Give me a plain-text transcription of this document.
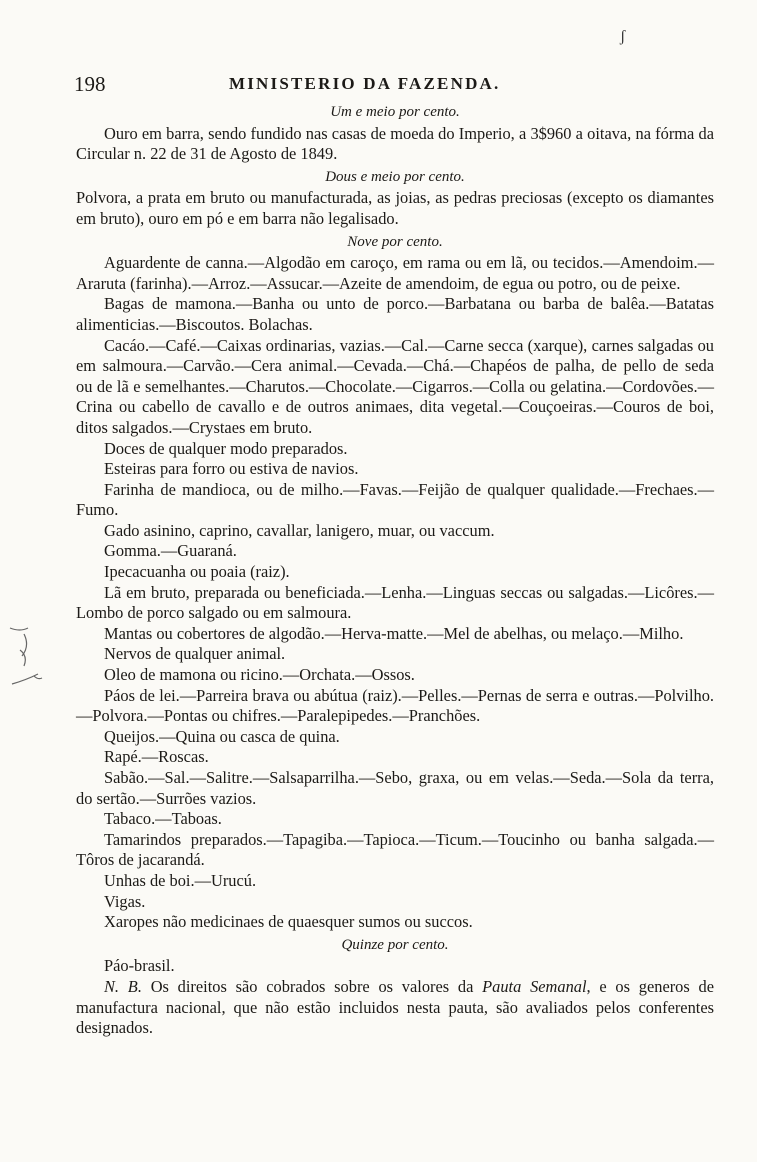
ʃ
198	MINISTERIO DA FAZENDA.
Um e meio por cento.

Ouro em barra, sendo fundido nas casas de moeda do Imperio, a 3$960 a oitava, na fórma da Circular n. 22 de 31 de Agosto de 1849.

Dous e meio por cento.

Polvora, a prata em bruto ou manufacturada, as joias, as pedras preciosas (excepto os diamantes em bruto), ouro em pó e em barra não legalisado.

Nove por cento.

Aguardente de canna.—Algodão em caroço, em rama ou em lã, ou tecidos.—Amendoim.—Araruta (farinha).—Arroz.—Assucar.—Azeite de amendoim, de egua ou potro, ou de peixe.

Bagas de mamona.—Banha ou unto de porco.—Barbatana ou barba de balêa.—Batatas alimenticias.—Biscoutos. Bolachas.

Cacáo.—Café.—Caixas ordinarias, vazias.—Cal.—Carne secca (xarque), carnes salgadas ou em salmoura.—Carvão.—Cera animal.—Cevada.—Chá.—Chapéos de palha, de pello de seda ou de lã e semelhantes.—Charutos.—Chocolate.—Cigarros.—Colla ou gelatina.—Cordovões.—Crina ou cabello de cavallo e de outros animaes, dita vegetal.—Couçoeiras.—Couros de boi, ditos salgados.—Crystaes em bruto.

Doces de qualquer modo preparados.

Esteiras para forro ou estiva de navios.

Farinha de mandioca, ou de milho.—Favas.—Feijão de qualquer qualidade.—Frechaes.—Fumo.

Gado asinino, caprino, cavallar, lanigero, muar, ou vaccum.

Gomma.—Guaraná.

Ipecacuanha ou poaia (raiz).

Lã em bruto, preparada ou beneficiada.—Lenha.—Linguas seccas ou salgadas.—Licôres.—Lombo de porco salgado ou em salmoura.

Mantas ou cobertores de algodão.—Herva-matte.—Mel de abelhas, ou melaço.—Milho.

Nervos de qualquer animal.

Oleo de mamona ou ricino.—Orchata.—Ossos.

Páos de lei.—Parreira brava ou abútua (raiz).—Pelles.—Pernas de serra e outras.—Polvilho.—Polvora.—Pontas ou chifres.—Paralepipedes.—Pranchões.

Queijos.—Quina ou casca de quina.

Rapé.—Roscas.

Sabão.—Sal.—Salitre.—Salsaparrilha.—Sebo, graxa, ou em velas.—Seda.—Sola da terra, do sertão.—Surrões vazios.

Tabaco.—Taboas.

Tamarindos preparados.—Tapagiba.—Tapioca.—Ticum.—Toucinho ou banha salgada.—Tôros de jacarandá.

Unhas de boi.—Urucú.

Vigas.

Xaropes não medicinaes de quaesquer sumos ou succos.

Quinze por cento.

Páo-brasil.

N. B. Os direitos são cobrados sobre os valores da Pauta Semanal, e os generos de manufactura nacional, que não estão incluidos nesta pauta, são avaliados pelos conferentes designados.
